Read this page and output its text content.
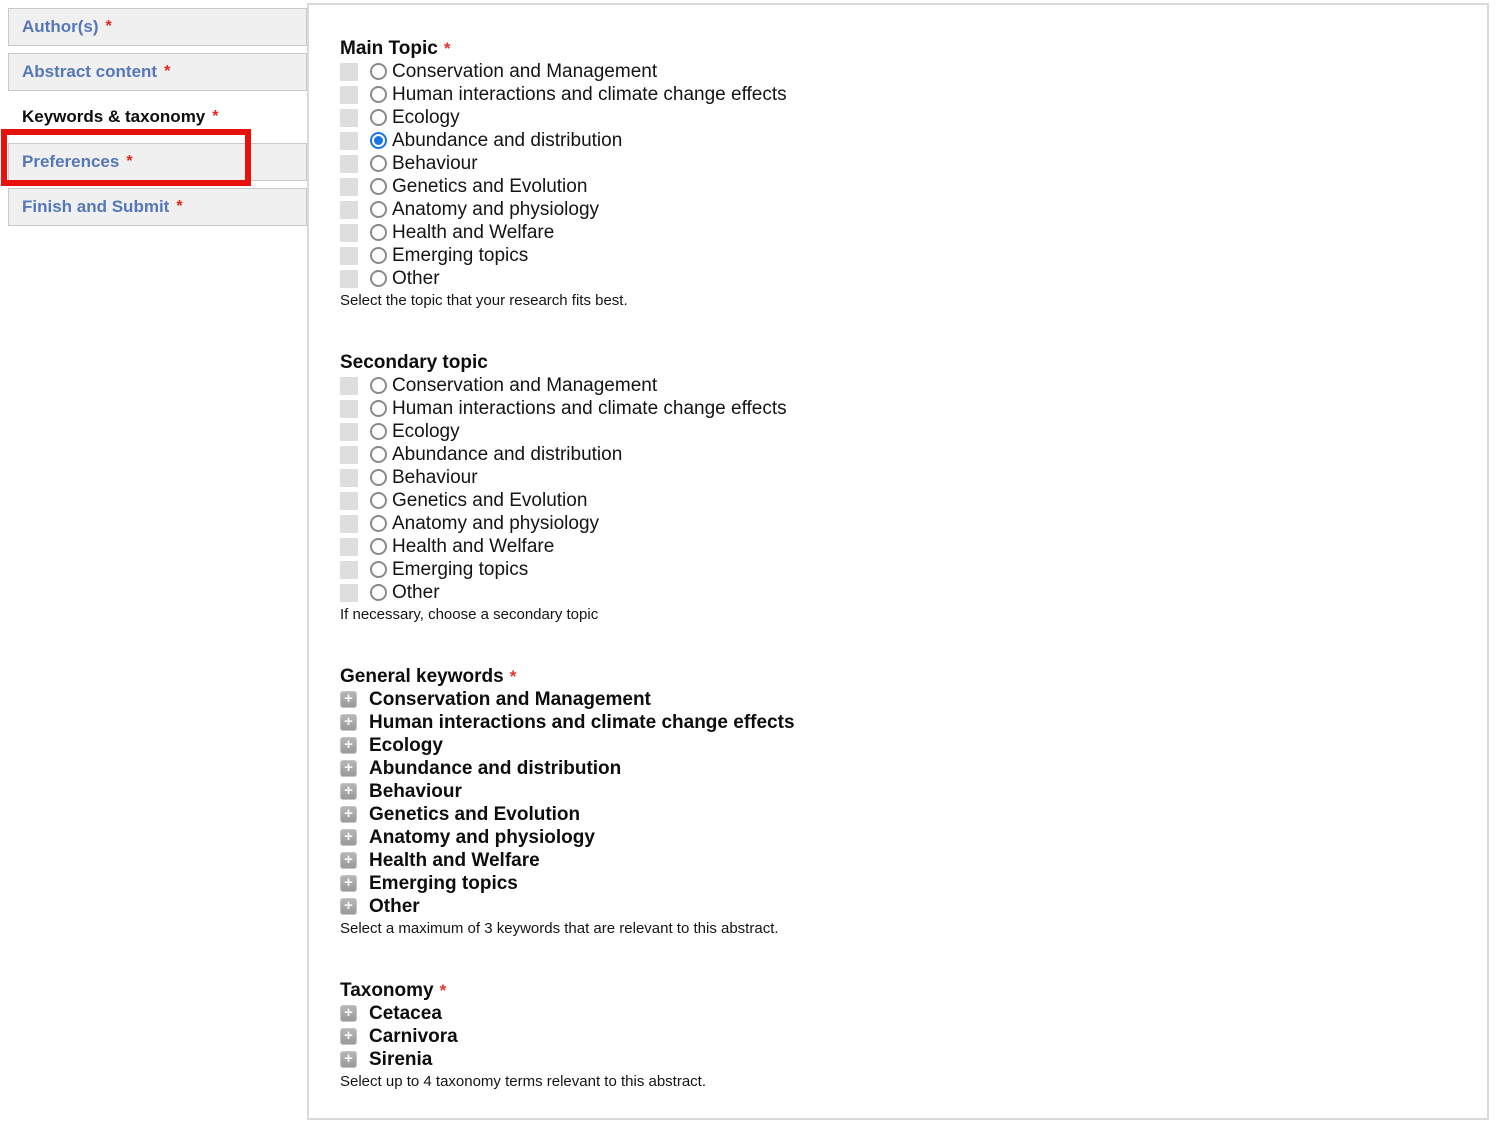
Author(s) *
Abstract content *
Keywords & taxonomy *
Preferences *
Finish and Submit *
Main Topic *
Conservation and Management
Human interactions and climate change effects
Ecology
Abundance and distribution
Behaviour
Genetics and Evolution
Anatomy and physiology
Health and Welfare
Emerging topics
Other
Select the topic that your research fits best.
Secondary topic
Conservation and Management
Human interactions and climate change effects
Ecology
Abundance and distribution
Behaviour
Genetics and Evolution
Anatomy and physiology
Health and Welfare
Emerging topics
Other
If necessary, choose a secondary topic
General keywords *
+ Conservation and Management
+ Human interactions and climate change effects
+ Ecology
+ Abundance and distribution
+ Behaviour
+ Genetics and Evolution
+ Anatomy and physiology
+ Health and Welfare
+ Emerging topics
+ Other
Select a maximum of 3 keywords that are relevant to this abstract.
Taxonomy *
+ Cetacea
+ Carnivora
+ Sirenia
Select up to 4 taxonomy terms relevant to this abstract.
